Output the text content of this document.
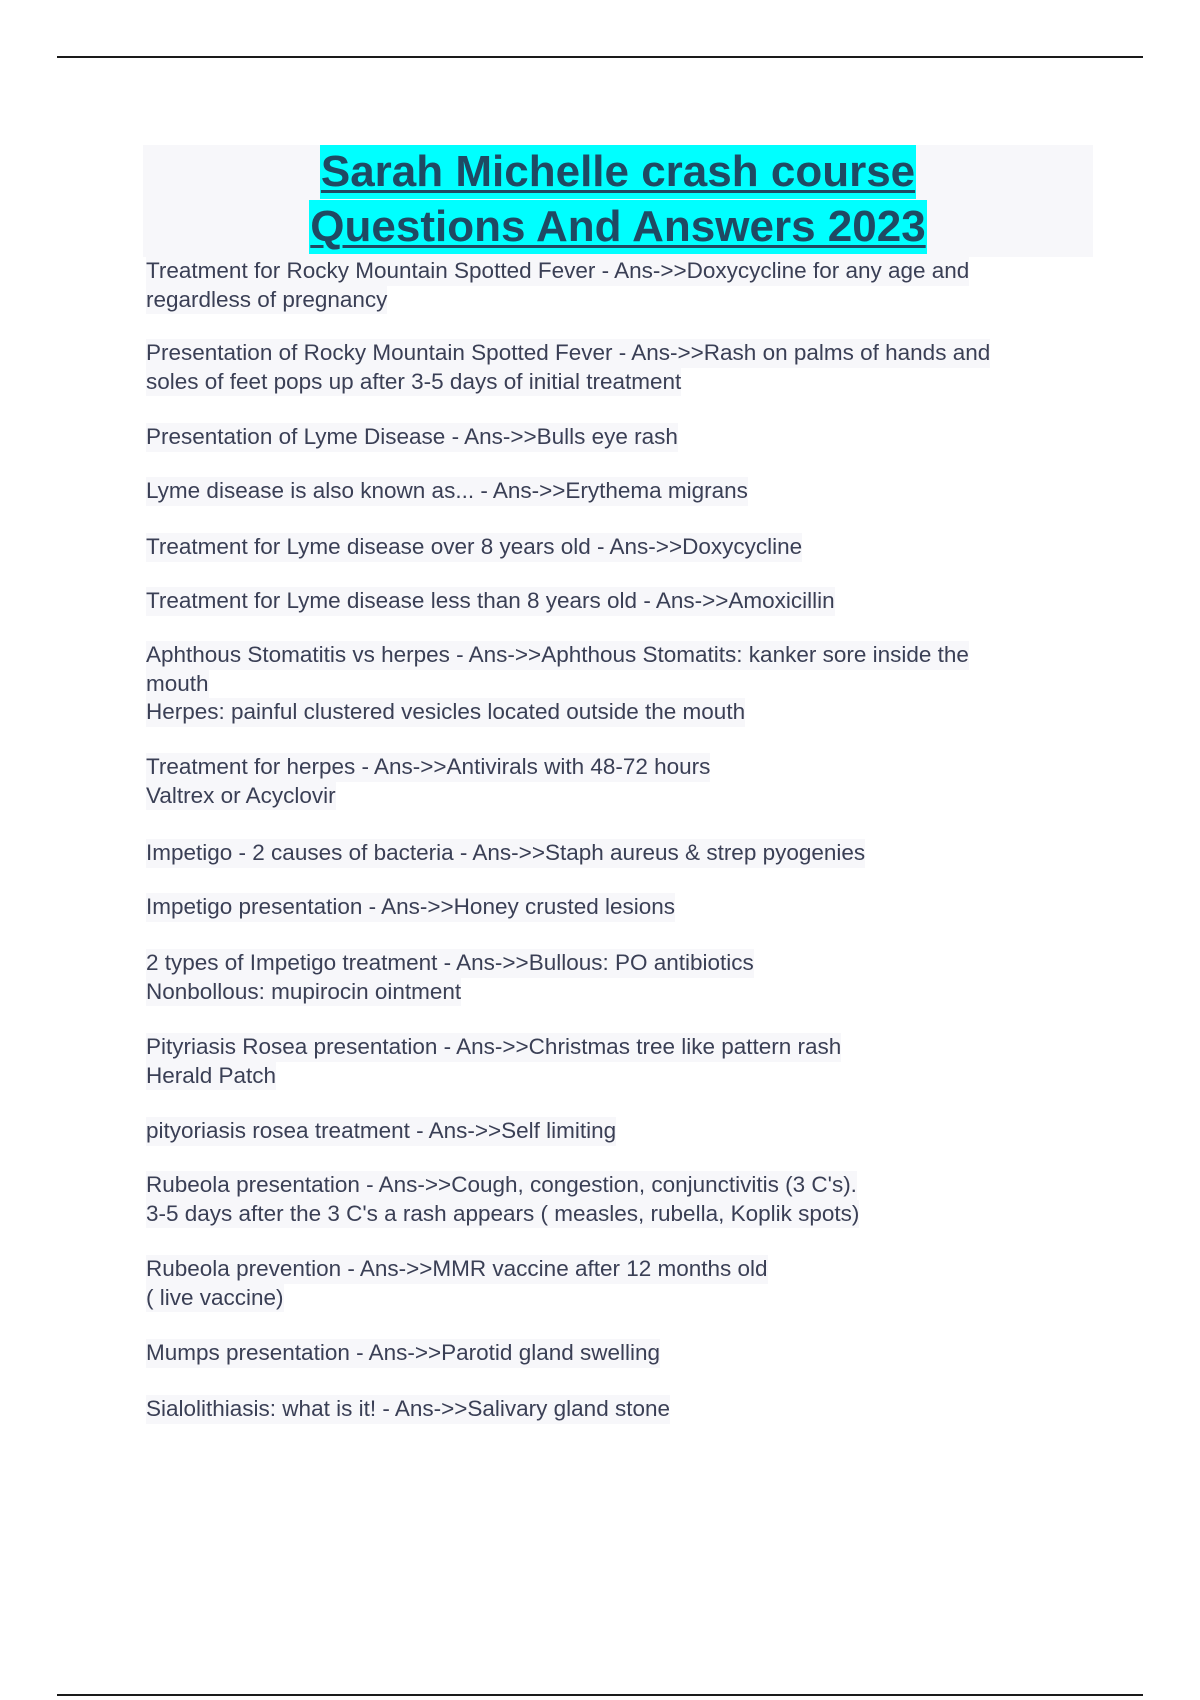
Sarah Michelle crash course
Questions And Answers 2023
Treatment for Rocky Mountain Spotted Fever - Ans->>Doxycycline for any age and
regardless of pregnancy
Presentation of Rocky Mountain Spotted Fever - Ans->>Rash on palms of hands and
soles of feet pops up after 3-5 days of initial treatment
Presentation of Lyme Disease - Ans->>Bulls eye rash
Lyme disease is also known as... - Ans->>Erythema migrans
Treatment for Lyme disease over 8 years old - Ans->>Doxycycline
Treatment for Lyme disease less than 8 years old - Ans->>Amoxicillin
Aphthous Stomatitis vs herpes - Ans->>Aphthous Stomatits: kanker sore inside the
mouth
Herpes: painful clustered vesicles located outside the mouth
Treatment for herpes - Ans->>Antivirals with 48-72 hours
Valtrex or Acyclovir
Impetigo - 2 causes of bacteria - Ans->>Staph aureus & strep pyogenies
Impetigo presentation - Ans->>Honey crusted lesions
2 types of Impetigo treatment - Ans->>Bullous: PO antibiotics
Nonbollous: mupirocin ointment
Pityriasis Rosea presentation - Ans->>Christmas tree like pattern rash
Herald Patch
pityoriasis rosea treatment - Ans->>Self limiting
Rubeola presentation - Ans->>Cough, congestion, conjunctivitis (3 C's).
3-5 days after the 3 C's a rash appears ( measles, rubella, Koplik spots)
Rubeola prevention - Ans->>MMR vaccine after 12 months old
( live vaccine)
Mumps presentation - Ans->>Parotid gland swelling
Sialolithiasis: what is it! - Ans->>Salivary gland stone
